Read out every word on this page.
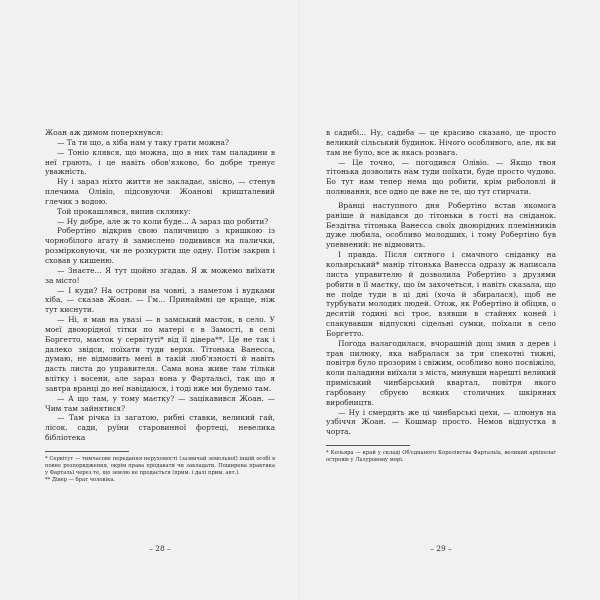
Жоан аж димом поперхнувся:

— Та ти що, а хіба нам у таку грати можна?

— Тоніо клявся, що можна, що в них там паладини в неї грають, і це навіть обов'язково, бо добре тренує уважність.

Ну і зараз ніхто життя не закладає, звісно, — стенув плечима Олівіо, підсовуючи Жоанові кришталевий глечик з водою.

Той прокашлявся, випив склянку:

— Ну добре, але ж то коли буде... А зараз що робити?

Робертіно відкрив свою паличницю з кришкою із чорнобілого агату й замислено подивився на палички, розмірковуючи, чи не розкурити ще одну. Потім закрив і сховав у кишеню.

— Знаєте... Я тут щойно згадав. Я ж можемо виїхати за місто!

— І куди? На острови на човні, з наметом і вудками хіба, — сказав Жоан. — Гм... Принаймні це краще, ніж тут киснути.

— Ні, я мав на увазі — в замський масток, в село. У моєї двоюрідної тітки по матері є в Замості, в селі Боргетто, маєток у сервітуті* від її дівера**. Це не так і далеко звідси, поїхати туди верхи. Тітонька Ванесса, думаю, не відмовить мені в такій люб'язності й навіть дасть листа до управителя. Сама вона живе там тільки влітку і восени, але зараз вона у Фартальсі, так що я завтра вранці до неї навідаюся, і тоді вже ми будемо там.

— А що там, у тому маєтку? — зацікавився Жоан. — Чим там зайнятися?

— Там річка із загатою, рибні ставки, великий гай, лісок, сади, руїни старовинної фортеці, невелика бібліотека

* Сервітут — тимчасове передання нерухомості (зазвичай земельної) іншій особі в повне розпорядження, окрім права продавати чи закладати. Поширена практика у Фартальї через те, що землю не продається (прим. і далі прим. авт.).

** Дівер — брат чоловіка.

– 28 –

в садибі... Ну, садиба — це красиво сказано, це просто великий сільський будинок. Нічого особливого, але, як ви там не було, все ж якась розвага.

— Це точно, — погодився Олівіо. — Якщо твоя тітонька дозволить нам туди поїхати, буде просто чудово. Бо тут нам тепер нема що робити, крім риболовлі й полювання, все одно це вже не те, що тут стирчати.

Вранці наступного дня Робертіно встав якомога раніше й навідався до тітоньки в гості на сніданок. Бездітна тітонька Ванесса своїх двоюрідних племінників дуже любила, особливо молодших, і тому Робертіно був упевнений: не відмовить.

І правда. Після ситного і смачного сніданку на кольярський* манір тітонька Ванесса одразу ж написала листа управителю й дозволила Робертіно з друзями робити в її маєтку, що їм захочеться, і навіть сказала, що не поїде туди в ці дні (хоча й збиралася), щоб не турбувати молодих людей. Отож, як Робертіно й обіцяв, о десятій годині всі троє, взявши в стайнях коней і спакувавши відпускні сідельні сумки, поїхали в село Боргетто.

Погода налагодилася, вчорашній дощ змив з дерев і трав пилюку, яка набралася за три спекотні тижні, повітря було прозорим і свіжим, особливо воно посвіжіло, коли паладини виїхали з міста, минувши нарешті великий приміський чинбарський квартал, повітря якого гарбовану сбруєю всяких столичних шкіряних виробництв.

— Ну і смердять же ці чинбарські цехи, — плюнув на узбіччя Жоан. — Кошмар просто. Немов відпустка в чорта.

* Кольяра — край у складі Об'єднаного Королівства Фартальїа, великий архіпелаг островів у Лазуровому морі.

– 29 –
